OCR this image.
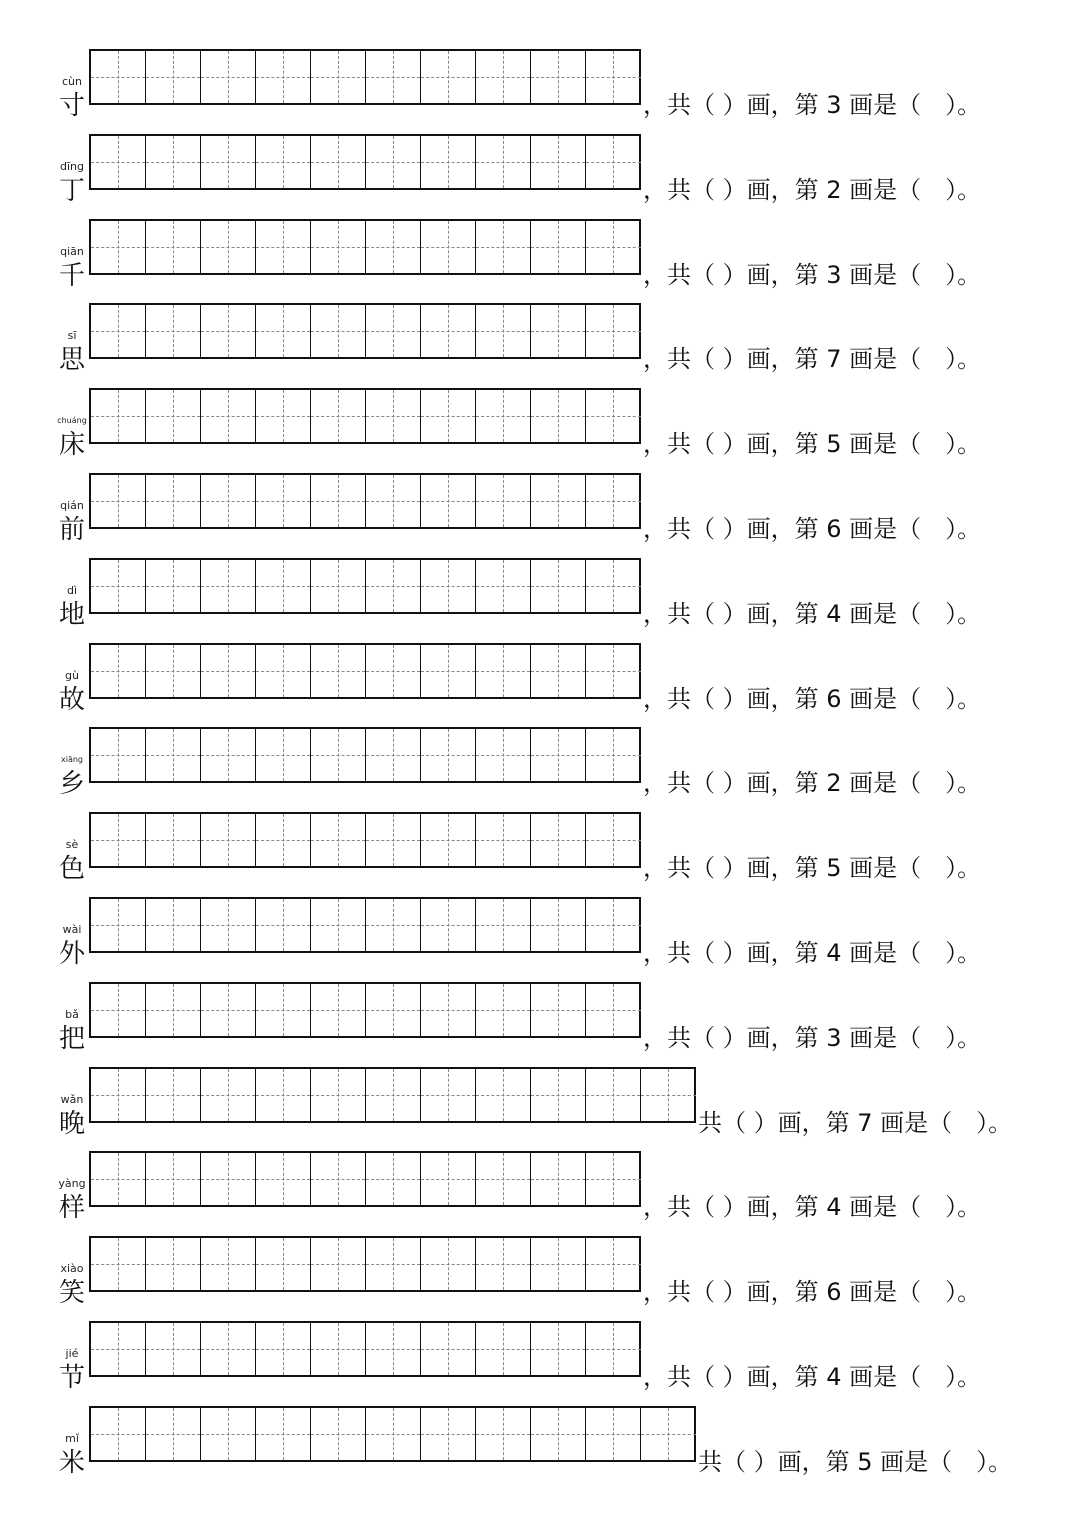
cùn
寸	，共（ ）画，第 3 画是（　）。
dīng
丁	，共（ ）画，第 2 画是（　）。
qiān
千	，共（ ）画，第 3 画是（　）。
sī
思	，共（ ）画，第 7 画是（　）。
chuáng
床	，共（ ）画，第 5 画是（　）。
qián
前	，共（ ）画，第 6 画是（　）。
dì
地	，共（ ）画，第 4 画是（　）。
gù
故	，共（ ）画，第 6 画是（　）。
xiāng
乡	，共（ ）画，第 2 画是（　）。
sè
色	，共（ ）画，第 5 画是（　）。
wài
外	，共（ ）画，第 4 画是（　）。
bǎ
把	，共（ ）画，第 3 画是（　）。
wǎn
晚	共（ ）画，第 7 画是（　）。
yàng
样	，共（ ）画，第 4 画是（　）。
xiào
笑	，共（ ）画，第 6 画是（　）。
jié
节	，共（ ）画，第 4 画是（　）。
mǐ
米	共（ ）画，第 5 画是（　）。
